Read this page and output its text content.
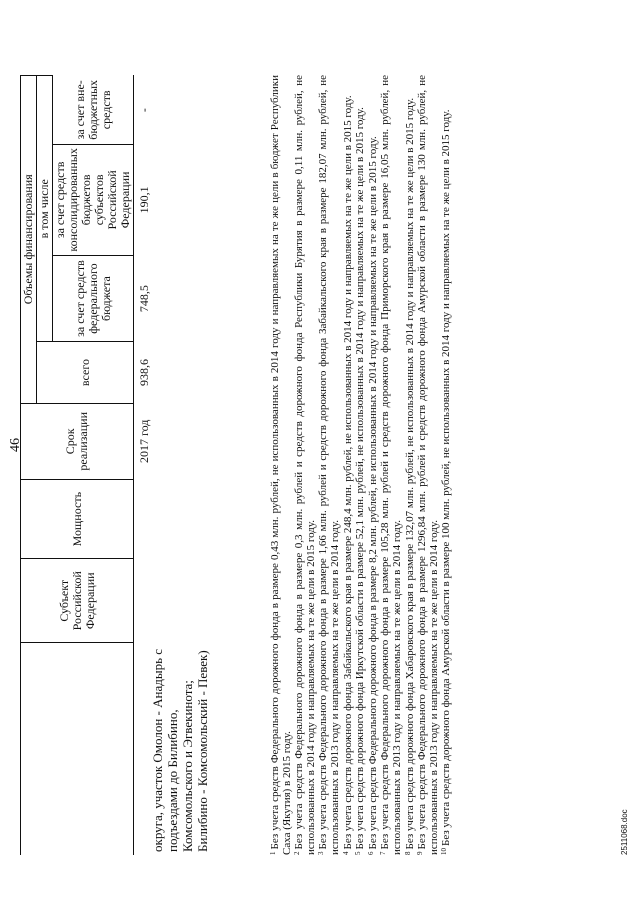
46
	Субъект Российской Федерации	Мощность	Срок реализации	Объемы финансирования			
				всего	в том числе		
					за счет средств федерального бюджета	за счет средств консолидированных бюджетов субъектов Российской Федерации	за счет вне-бюджетных средств
округа, участок Омолон - Анадырь с подъездами до Билибино, Комсомольского и Эгвекинота; Билибино - Комсомольский - Певек)			2017 год	938,6	748,5	190,1	-

$^1$Без учета средств Федерального дорожного фонда в размере 0,43 млн. рублей, не использованных в 2014 году и направляемых на те же цели в бюджет Республики Саха (Якутия) в 2015 году. $^2$Без учета средств Федерального дорожного фонда в размере 0,3 млн. рублей и средств дорожного фонда Республики Бурятия в размере 0,11 млн. рублей, не использованных в 2014 году и направляемых на те же цели в 2015 году. $^3$Без учета средств Федерального дорожного фонда в размере 1,66 млн. рублей и средств дорожного фонда Забайкальского края в размере 182,07 млн. рублей, не использованных в 2013 году и направляемых на те же цели в 2014 году. $^4$Без учета средств дорожного фонда Забайкальского края в размере 248,4 млн. рублей, не использованных в 2014 году и направляемых на те же цели в 2015 году.

$^5$Без учета средств дорожного фонда Иркутской области в размере 52,1 млн. рублей, не использованных в 2014 году и направляемых на те же цели в 2015 году.

$^6$Без учета средств Федерального дорожного фонда в размере 8,2 млн. рублей, не использованных в 2014 году и направляемых на те же цели в 2015 году.

$^7$Без учета средств Федерального дорожного фонда в размере 105,28 млн. рублей и средств дорожного фонда Приморского края в размере 16,05 млн. рублей, не использованных в 2013 году и направляемых на те же цели в 2014 году. $^8$Без учета средств дорожного фонда Хабаровского края в размере 132,07 млн. рублей, не использованных в 2014 году и направляемых на те же цели в 2015 году.

$^9$Без учета средств Федерального дорожного фонда в размере 1296,84 млн. рублей и средств дорожного фонда Амурской области в размере 130 млн. рублей, не использованных в 2013 году и направляемых на те же цели в 2014 году. $^{10}$Без учета средств дорожного фонда Амурской области в размере 100 млн. рублей, не использованных в 2014 году и направляемых на те же цели в 2015 году.	2511068.doc
